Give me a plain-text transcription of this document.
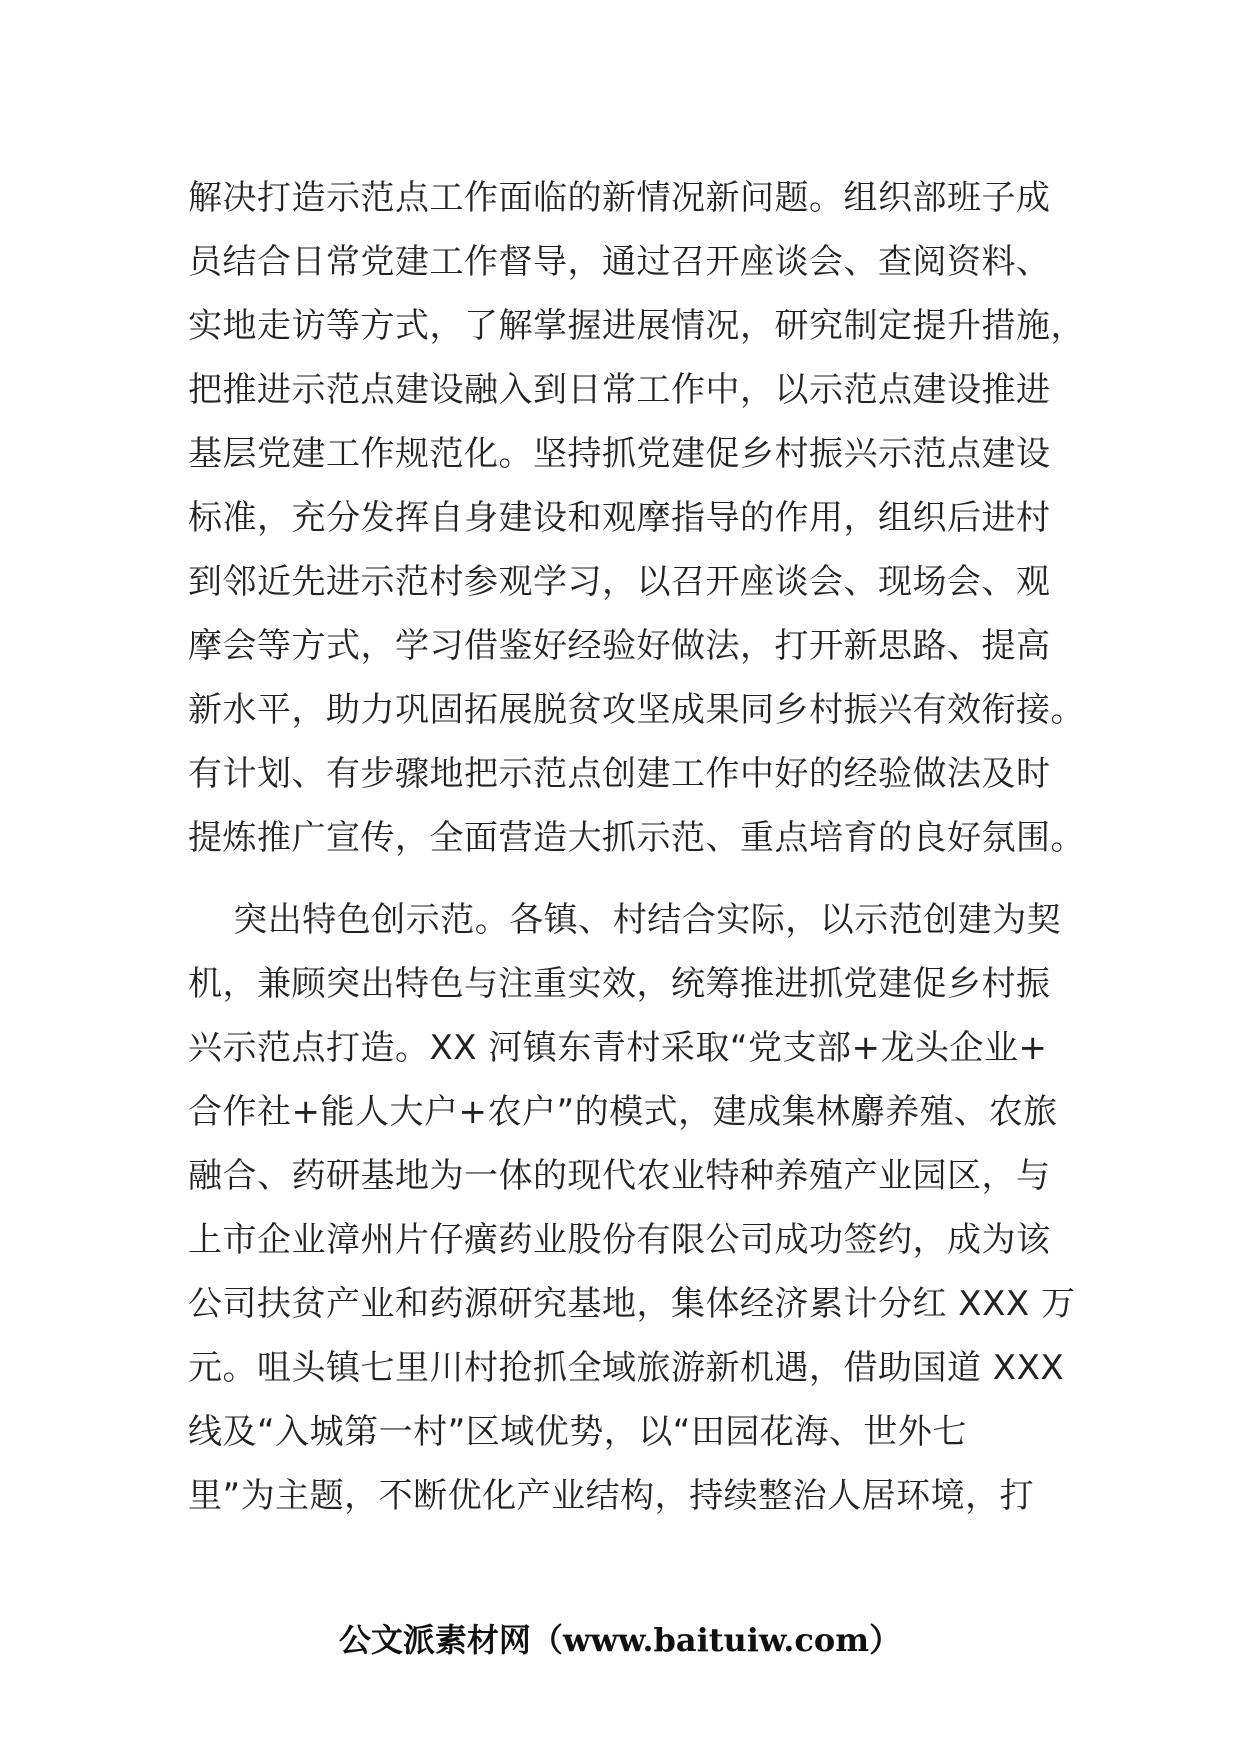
解决打造示范点工作面临的新情况新问题。组织部班子成
员结合日常党建工作督导，通过召开座谈会、查阅资料、
实地走访等方式，了解掌握进展情况，研究制定提升措施，
把推进示范点建设融入到日常工作中，以示范点建设推进
基层党建工作规范化。坚持抓党建促乡村振兴示范点建设
标准，充分发挥自身建设和观摩指导的作用，组织后进村
到邻近先进示范村参观学习，以召开座谈会、现场会、观
摩会等方式，学习借鉴好经验好做法，打开新思路、提高
新水平，助力巩固拓展脱贫攻坚成果同乡村振兴有效衔接。
有计划、有步骤地把示范点创建工作中好的经验做法及时
提炼推广宣传，全面营造大抓示范、重点培育的良好氛围。
突出特色创示范。各镇、村结合实际，以示范创建为契
机，兼顾突出特色与注重实效，统筹推进抓党建促乡村振
兴示范点打造。XX 河镇东青村采取“党支部+龙头企业+
合作社+能人大户+农户”的模式，建成集林麝养殖、农旅
融合、药研基地为一体的现代农业特种养殖产业园区，与
上市企业漳州片仔癀药业股份有限公司成功签约，成为该
公司扶贫产业和药源研究基地，集体经济累计分红 XXX 万
元。咀头镇七里川村抢抓全域旅游新机遇，借助国道 XXX
线及“入城第一村”区域优势，以“田园花海、世外七
里”为主题，不断优化产业结构，持续整治人居环境，打
公文派素材网（www.baituiw.com）
